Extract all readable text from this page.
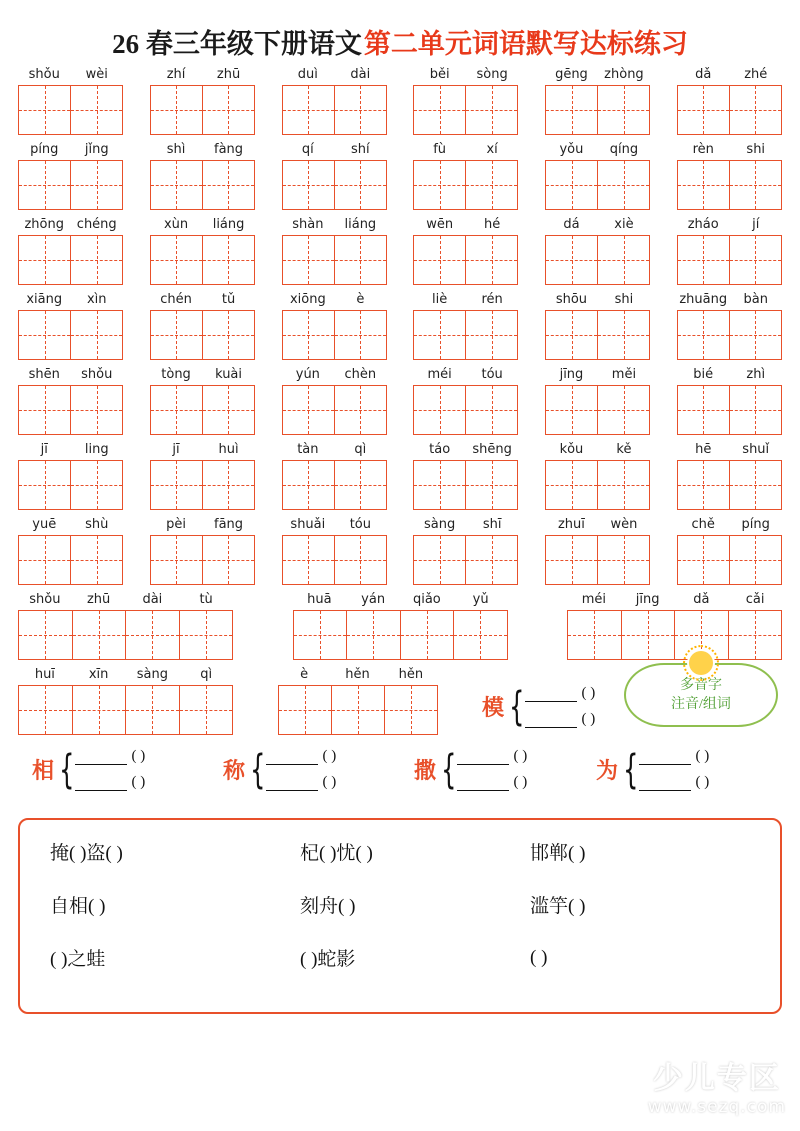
26 春三年级下册语文 第二单元词语默写达标练习
shǒu	wèi	zhí	zhū	duì	dài	běi	sòng	gēng	zhòng	dǎ	zhé
píng	jǐng	shì	fàng	qí	shí	fù	xí	yǒu	qíng	rèn	shi
zhōng chéng	xùn	liáng	shàn	liáng	wēn	hé	dá	xiè	zháo	jí
xiāng	xìn	chén	tǔ	xiōng	è	liè	rén	shōu	shi	zhuāng	bàn
shēn	shǒu	tòng	kuài	yún	chèn	méi	tóu	jīng	měi	bié	zhì
jī	ling	jī	huì	tàn	qì	táo	shēng	kǒu	kě	hē	shuǐ
yuē	shù	pèi	fāng	shuǎi	tóu	sàng	shī	zhuī	wèn	chě	píng
shǒu	zhū	dài	tù	huā	yán	qiǎo	yǔ	méi	jīng	dǎ	cǎi
huī	xīn	sàng	qì	è	hěn	hěn
模 {	( )
( )
多音字
注音/组词
相 {	( )
( )	称 {	( )
( )	撒 {	( )
( )	为 {	( )
( )
掩( )盗( )	杞( )忧( )	邯郸( )
自相( )	刻舟( )	滥竽( )
( )之蛙	( )蛇影	( )
少儿专区
www.sezq.com
